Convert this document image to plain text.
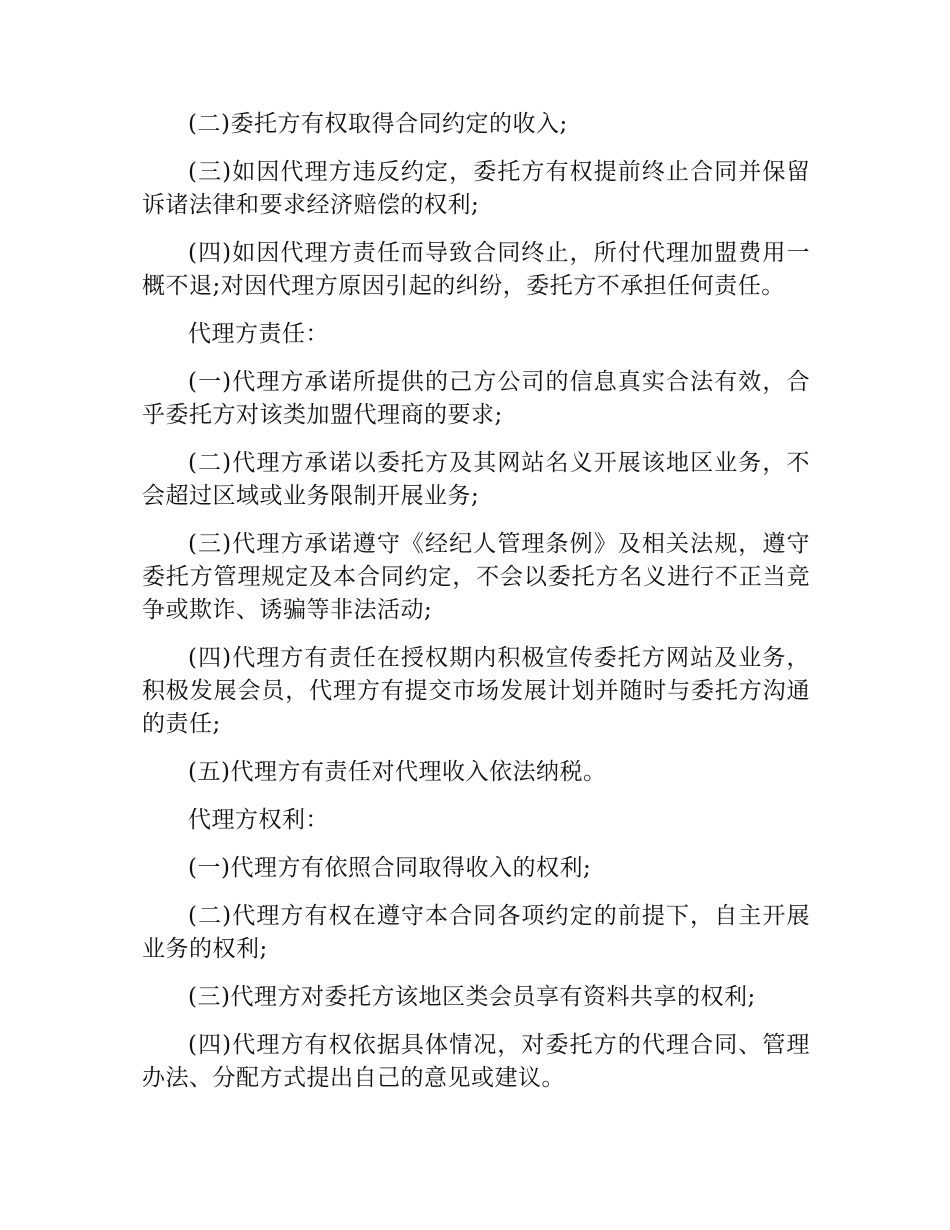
(二)委托方有权取得合同约定的收入;

(三)如因代理方违反约定，委托方有权提前终止合同并保留诉诸法律和要求经济赔偿的权利;

(四)如因代理方责任而导致合同终止，所付代理加盟费用一概不退;对因代理方原因引起的纠纷，委托方不承担任何责任。

代理方责任：

(一)代理方承诺所提供的己方公司的信息真实合法有效，合乎委托方对该类加盟代理商的要求;

(二)代理方承诺以委托方及其网站名义开展该地区业务，不会超过区域或业务限制开展业务;

(三)代理方承诺遵守《经纪人管理条例》及相关法规，遵守委托方管理规定及本合同约定，不会以委托方名义进行不正当竞争或欺诈、诱骗等非法活动;

(四)代理方有责任在授权期内积极宣传委托方网站及业务，积极发展会员，代理方有提交市场发展计划并随时与委托方沟通的责任;

(五)代理方有责任对代理收入依法纳税。

代理方权利：

(一)代理方有依照合同取得收入的权利;

(二)代理方有权在遵守本合同各项约定的前提下，自主开展业务的权利;

(三)代理方对委托方该地区类会员享有资料共享的权利;

(四)代理方有权依据具体情况，对委托方的代理合同、管理办法、分配方式提出自己的意见或建议。
